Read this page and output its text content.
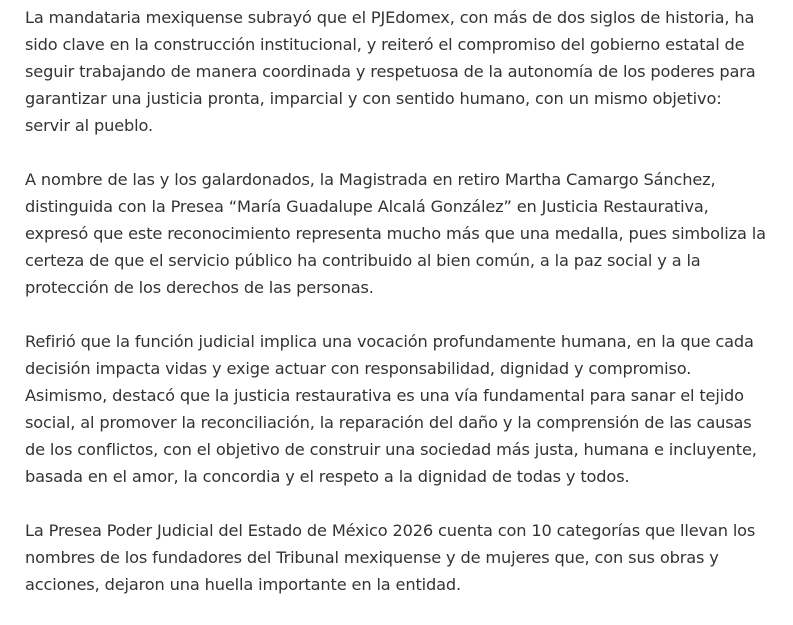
La mandataria mexiquense subrayó que el PJEdomex, con más de dos siglos de historia, ha sido clave en la construcción institucional, y reiteró el compromiso del gobierno estatal de seguir trabajando de manera coordinada y respetuosa de la autonomía de los poderes para garantizar una justicia pronta, imparcial y con sentido humano, con un mismo objetivo: servir al pueblo.

A nombre de las y los galardonados, la Magistrada en retiro Martha Camargo Sánchez, distinguida con la Presea “María Guadalupe Alcalá González” en Justicia Restaurativa, expresó que este reconocimiento representa mucho más que una medalla, pues simboliza la certeza de que el servicio público ha contribuido al bien común, a la paz social y a la protección de los derechos de las personas.

Refirió que la función judicial implica una vocación profundamente humana, en la que cada decisión impacta vidas y exige actuar con responsabilidad, dignidad y compromiso. Asimismo, destacó que la justicia restaurativa es una vía fundamental para sanar el tejido social, al promover la reconciliación, la reparación del daño y la comprensión de las causas de los conflictos, con el objetivo de construir una sociedad más justa, humana e incluyente, basada en el amor, la concordia y el respeto a la dignidad de todas y todos.

La Presea Poder Judicial del Estado de México 2026 cuenta con 10 categorías que llevan los nombres de los fundadores del Tribunal mexiquense y de mujeres que, con sus obras y acciones, dejaron una huella importante en la entidad.
